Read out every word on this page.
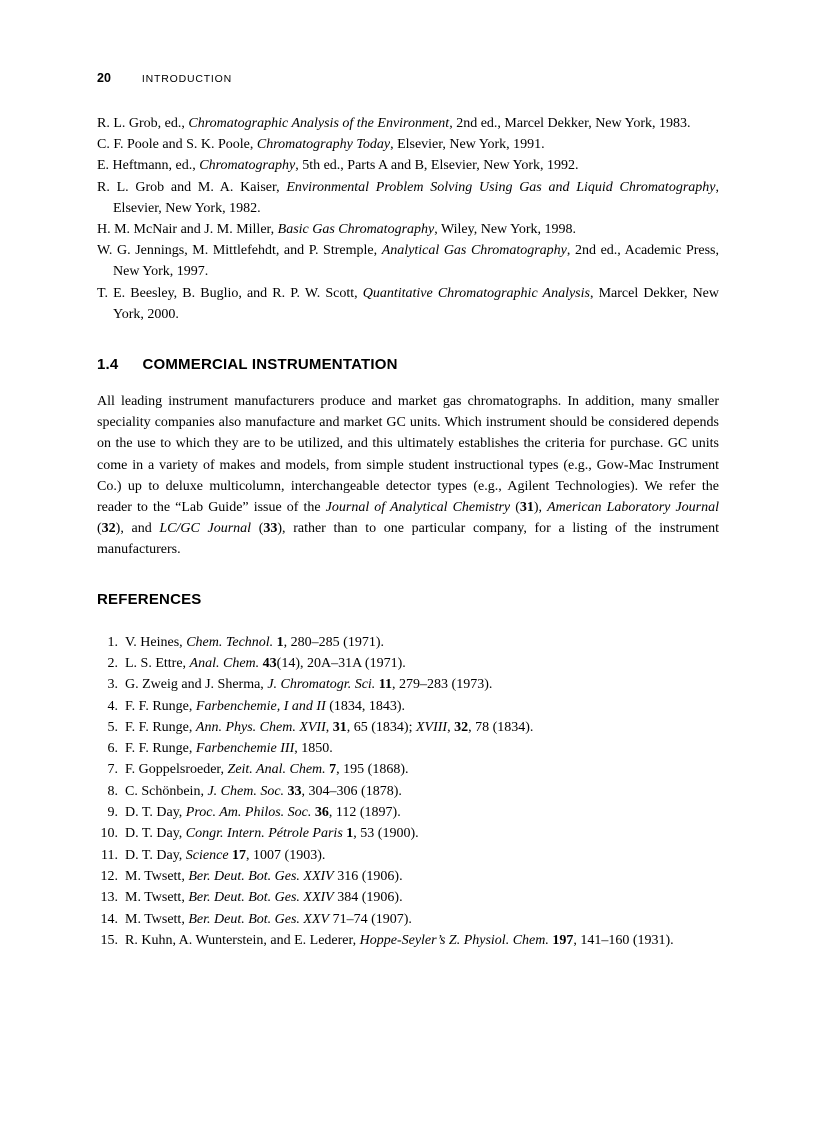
20	INTRODUCTION

R. L. Grob, ed., Chromatographic Analysis of the Environment, 2nd ed., Marcel Dekker, New York, 1983.

C. F. Poole and S. K. Poole, Chromatography Today, Elsevier, New York, 1991.

E. Heftmann, ed., Chromatography, 5th ed., Parts A and B, Elsevier, New York, 1992.

R. L. Grob and M. A. Kaiser, Environmental Problem Solving Using Gas and Liquid Chromatography, Elsevier, New York, 1982.

H. M. McNair and J. M. Miller, Basic Gas Chromatography, Wiley, New York, 1998.

W. G. Jennings, M. Mittlefehdt, and P. Stremple, Analytical Gas Chromatography, 2nd ed., Academic Press, New York, 1997.

T. E. Beesley, B. Buglio, and R. P. W. Scott, Quantitative Chromatographic Analysis, Marcel Dekker, New York, 2000.

1.4 COMMERCIAL INSTRUMENTATION

All leading instrument manufacturers produce and market gas chromatographs. In addition, many smaller speciality companies also manufacture and market GC units. Which instrument should be considered depends on the use to which they are to be utilized, and this ultimately establishes the criteria for purchase. GC units come in a variety of makes and models, from simple student instructional types (e.g., Gow-Mac Instrument Co.) up to deluxe multicolumn, interchangeable detector types (e.g., Agilent Technologies). We refer the reader to the “Lab Guide” issue of the Journal of Analytical Chemistry (31), American Laboratory Journal (32), and LC/GC Journal (33), rather than to one particular company, for a listing of the instrument manufacturers.

REFERENCES
1. V. Heines, Chem. Technol. 1, 280–285 (1971).
2. L. S. Ettre, Anal. Chem. 43(14), 20A–31A (1971).
3. G. Zweig and J. Sherma, J. Chromatogr. Sci. 11, 279–283 (1973).
4. F. F. Runge, Farbenchemie, I and II (1834, 1843).
5. F. F. Runge, Ann. Phys. Chem. XVII, 31, 65 (1834); XVIII, 32, 78 (1834).
6. F. F. Runge, Farbenchemie III, 1850.
7. F. Goppelsroeder, Zeit. Anal. Chem. 7, 195 (1868).
8. C. Schönbein, J. Chem. Soc. 33, 304–306 (1878).
9. D. T. Day, Proc. Am. Philos. Soc. 36, 112 (1897).
10. D. T. Day, Congr. Intern. Pétrole Paris 1, 53 (1900).
11. D. T. Day, Science 17, 1007 (1903).
12. M. Twsett, Ber. Deut. Bot. Ges. XXIV 316 (1906).
13. M. Twsett, Ber. Deut. Bot. Ges. XXIV 384 (1906).
14. M. Twsett, Ber. Deut. Bot. Ges. XXV 71–74 (1907).
15. R. Kuhn, A. Wunterstein, and E. Lederer, Hoppe-Seyler’s Z. Physiol. Chem. 197, 141–160 (1931).
